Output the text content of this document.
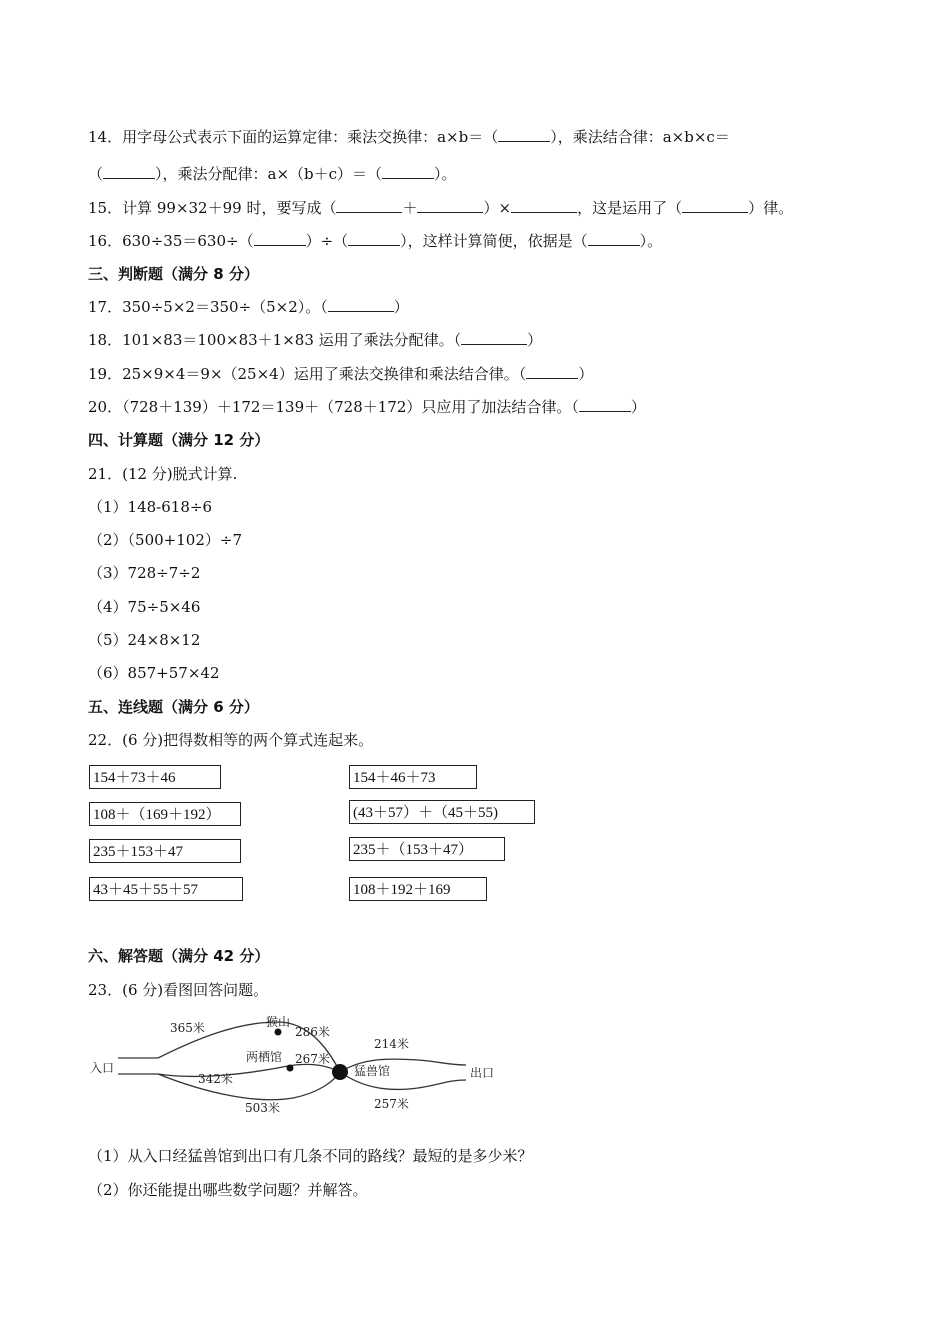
14．用字母公式表示下面的运算定律：乘法交换律：a×b＝（	），乘法结合律：a×b×c＝
（	），乘法分配律：a×（b＋c）＝（	）。
15．计算 99×32＋99 时，要写成（	＋	）×	，这是运用了（	）律。
16．630÷35＝630÷（	）÷（	），这样计算简便，依据是（	）。
三、判断题（满分 8 分）
17．350÷5×2＝350÷（5×2）。（	）
18．101×83＝100×83＋1×83 运用了乘法分配律。（	）
19．25×9×4＝9×（25×4）运用了乘法交换律和乘法结合律。（	）
20．（728＋139）＋172＝139＋（728＋172）只应用了加法结合律。（	）
四、计算题（满分 12 分）
21．(12 分)脱式计算.
（1）148-618÷6
（2）（500+102）÷7
（3）728÷7÷2
（4）75÷5×46
（5）24×8×12
（6）857+57×42
五、连线题（满分 6 分）
22．(6 分)把得数相等的两个算式连起来。
154＋73＋46
108＋（169＋192）
235＋153＋47
43＋45＋55＋57
154＋46＋73
(43＋57）＋（45＋55)
235＋（153＋47）
108＋192＋169
六、解答题（满分 42 分）
23．(6 分)看图回答问题。
入口	出口
猴山
两栖馆
猛兽馆
365米	286米
267米
342米
503米
214米
257米
（1）从入口经猛兽馆到出口有几条不同的路线？最短的是多少米？
（2）你还能提出哪些数学问题？并解答。
